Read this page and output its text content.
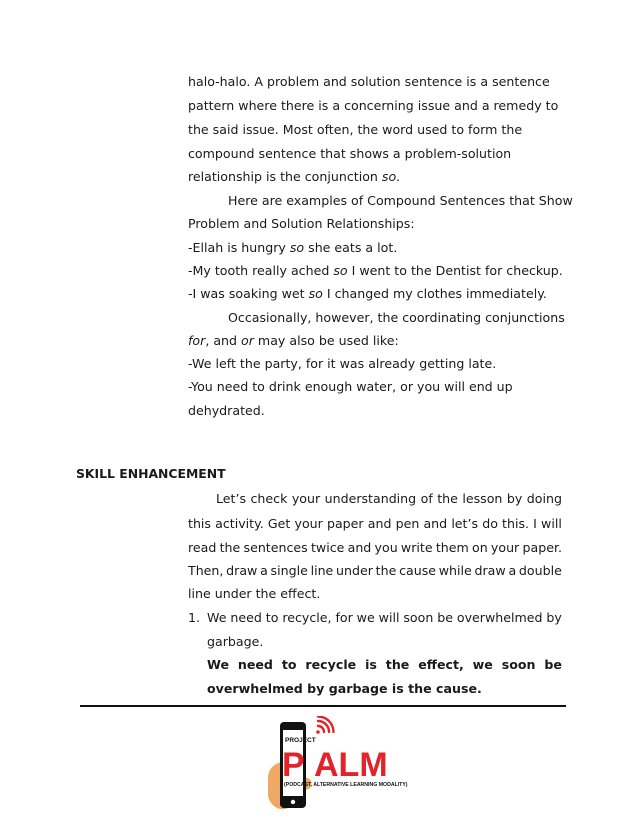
halo-halo. A problem and solution sentence is a sentence
pattern where there is a concerning issue and a remedy to
the said issue. Most often, the word used to form the
compound sentence that shows a problem-solution
relationship is the conjunction so.
Here are examples of Compound Sentences that Show
Problem and Solution Relationships:
-Ellah is hungry so she eats a lot.
-My tooth really ached so I went to the Dentist for checkup.
-I was soaking wet so I changed my clothes immediately.
Occasionally, however, the coordinating conjunctions
for, and or may also be used like:
-We left the party, for it was already getting late.
-You need to drink enough water, or you will end up
dehydrated.
SKILL ENHANCEMENT
Let’s check your understanding of the lesson by doing
this activity. Get your paper and pen and let’s do this. I will
read the sentences twice and you write them on your paper.
Then, draw a single line under the cause while draw a double
line under the effect.
1. We need to recycle, for we will soon be overwhelmed by
garbage.
We need to recycle is the effect, we soon be
overwhelmed by garbage is the cause.
PROJECT
P ALM
(PODCAST, ALTERNATIVE LEARNING MODALITY)
